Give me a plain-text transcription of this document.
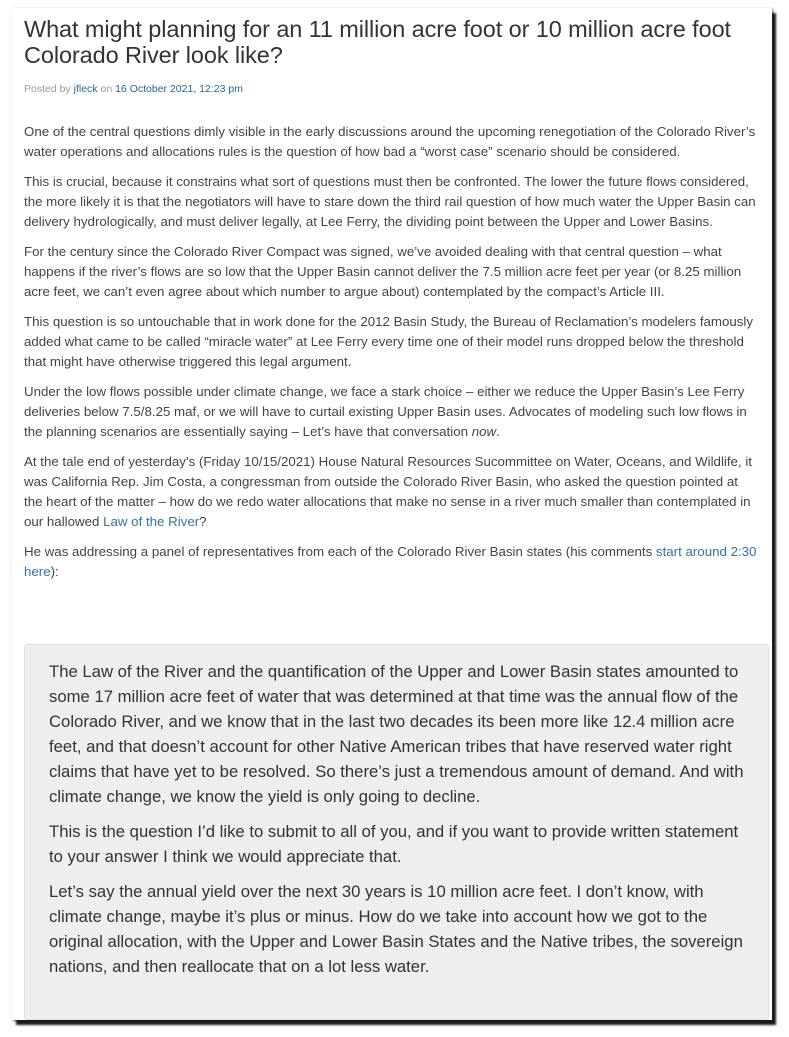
What might planning for an 11 million acre foot or 10 million acre foot Colorado River look like?
Posted by jfleck on 16 October 2021, 12:23 pm

One of the central questions dimly visible in the early discussions around the upcoming renegotiation of the Colorado River’s water operations and allocations rules is the question of how bad a “worst case” scenario should be considered.

This is crucial, because it constrains what sort of questions must then be confronted. The lower the future flows considered, the more likely it is that the negotiators will have to stare down the third rail question of how much water the Upper Basin can delivery hydrologically, and must deliver legally, at Lee Ferry, the dividing point between the Upper and Lower Basins.

For the century since the Colorado River Compact was signed, we’ve avoided dealing with that central question – what happens if the river’s flows are so low that the Upper Basin cannot deliver the 7.5 million acre feet per year (or 8.25 million acre feet, we can’t even agree about which number to argue about) contemplated by the compact’s Article III.

This question is so untouchable that in work done for the 2012 Basin Study, the Bureau of Reclamation’s modelers famously added what came to be called “miracle water” at Lee Ferry every time one of their model runs dropped below the threshold that might have otherwise triggered this legal argument.

Under the low flows possible under climate change, we face a stark choice – either we reduce the Upper Basin’s Lee Ferry deliveries below 7.5/8.25 maf, or we will have to curtail existing Upper Basin uses. Advocates of modeling such low flows in the planning scenarios are essentially saying – Let’s have that conversation now.

At the tale end of yesterday’s (Friday 10/15/2021) House Natural Resources Sucommittee on Water, Oceans, and Wildlife, it was California Rep. Jim Costa, a congressman from outside the Colorado River Basin, who asked the question pointed at the heart of the matter – how do we redo water allocations that make no sense in a river much smaller than contemplated in our hallowed Law of the River?

He was addressing a panel of representatives from each of the Colorado River Basin states (his comments start around 2:30 here):

The Law of the River and the quantification of the Upper and Lower Basin states amounted to some 17 million acre feet of water that was determined at that time was the annual flow of the Colorado River, and we know that in the last two decades its been more like 12.4 million acre feet, and that doesn’t account for other Native American tribes that have reserved water right claims that have yet to be resolved. So there’s just a tremendous amount of demand. And with climate change, we know the yield is only going to decline.

This is the question I’d like to submit to all of you, and if you want to provide written statement to your answer I think we would appreciate that.

Let’s say the annual yield over the next 30 years is 10 million acre feet. I don’t know, with climate change, maybe it’s plus or minus. How do we take into account how we got to the original allocation, with the Upper and Lower Basin States and the Native tribes, the sovereign nations, and then reallocate that on a lot less water.
